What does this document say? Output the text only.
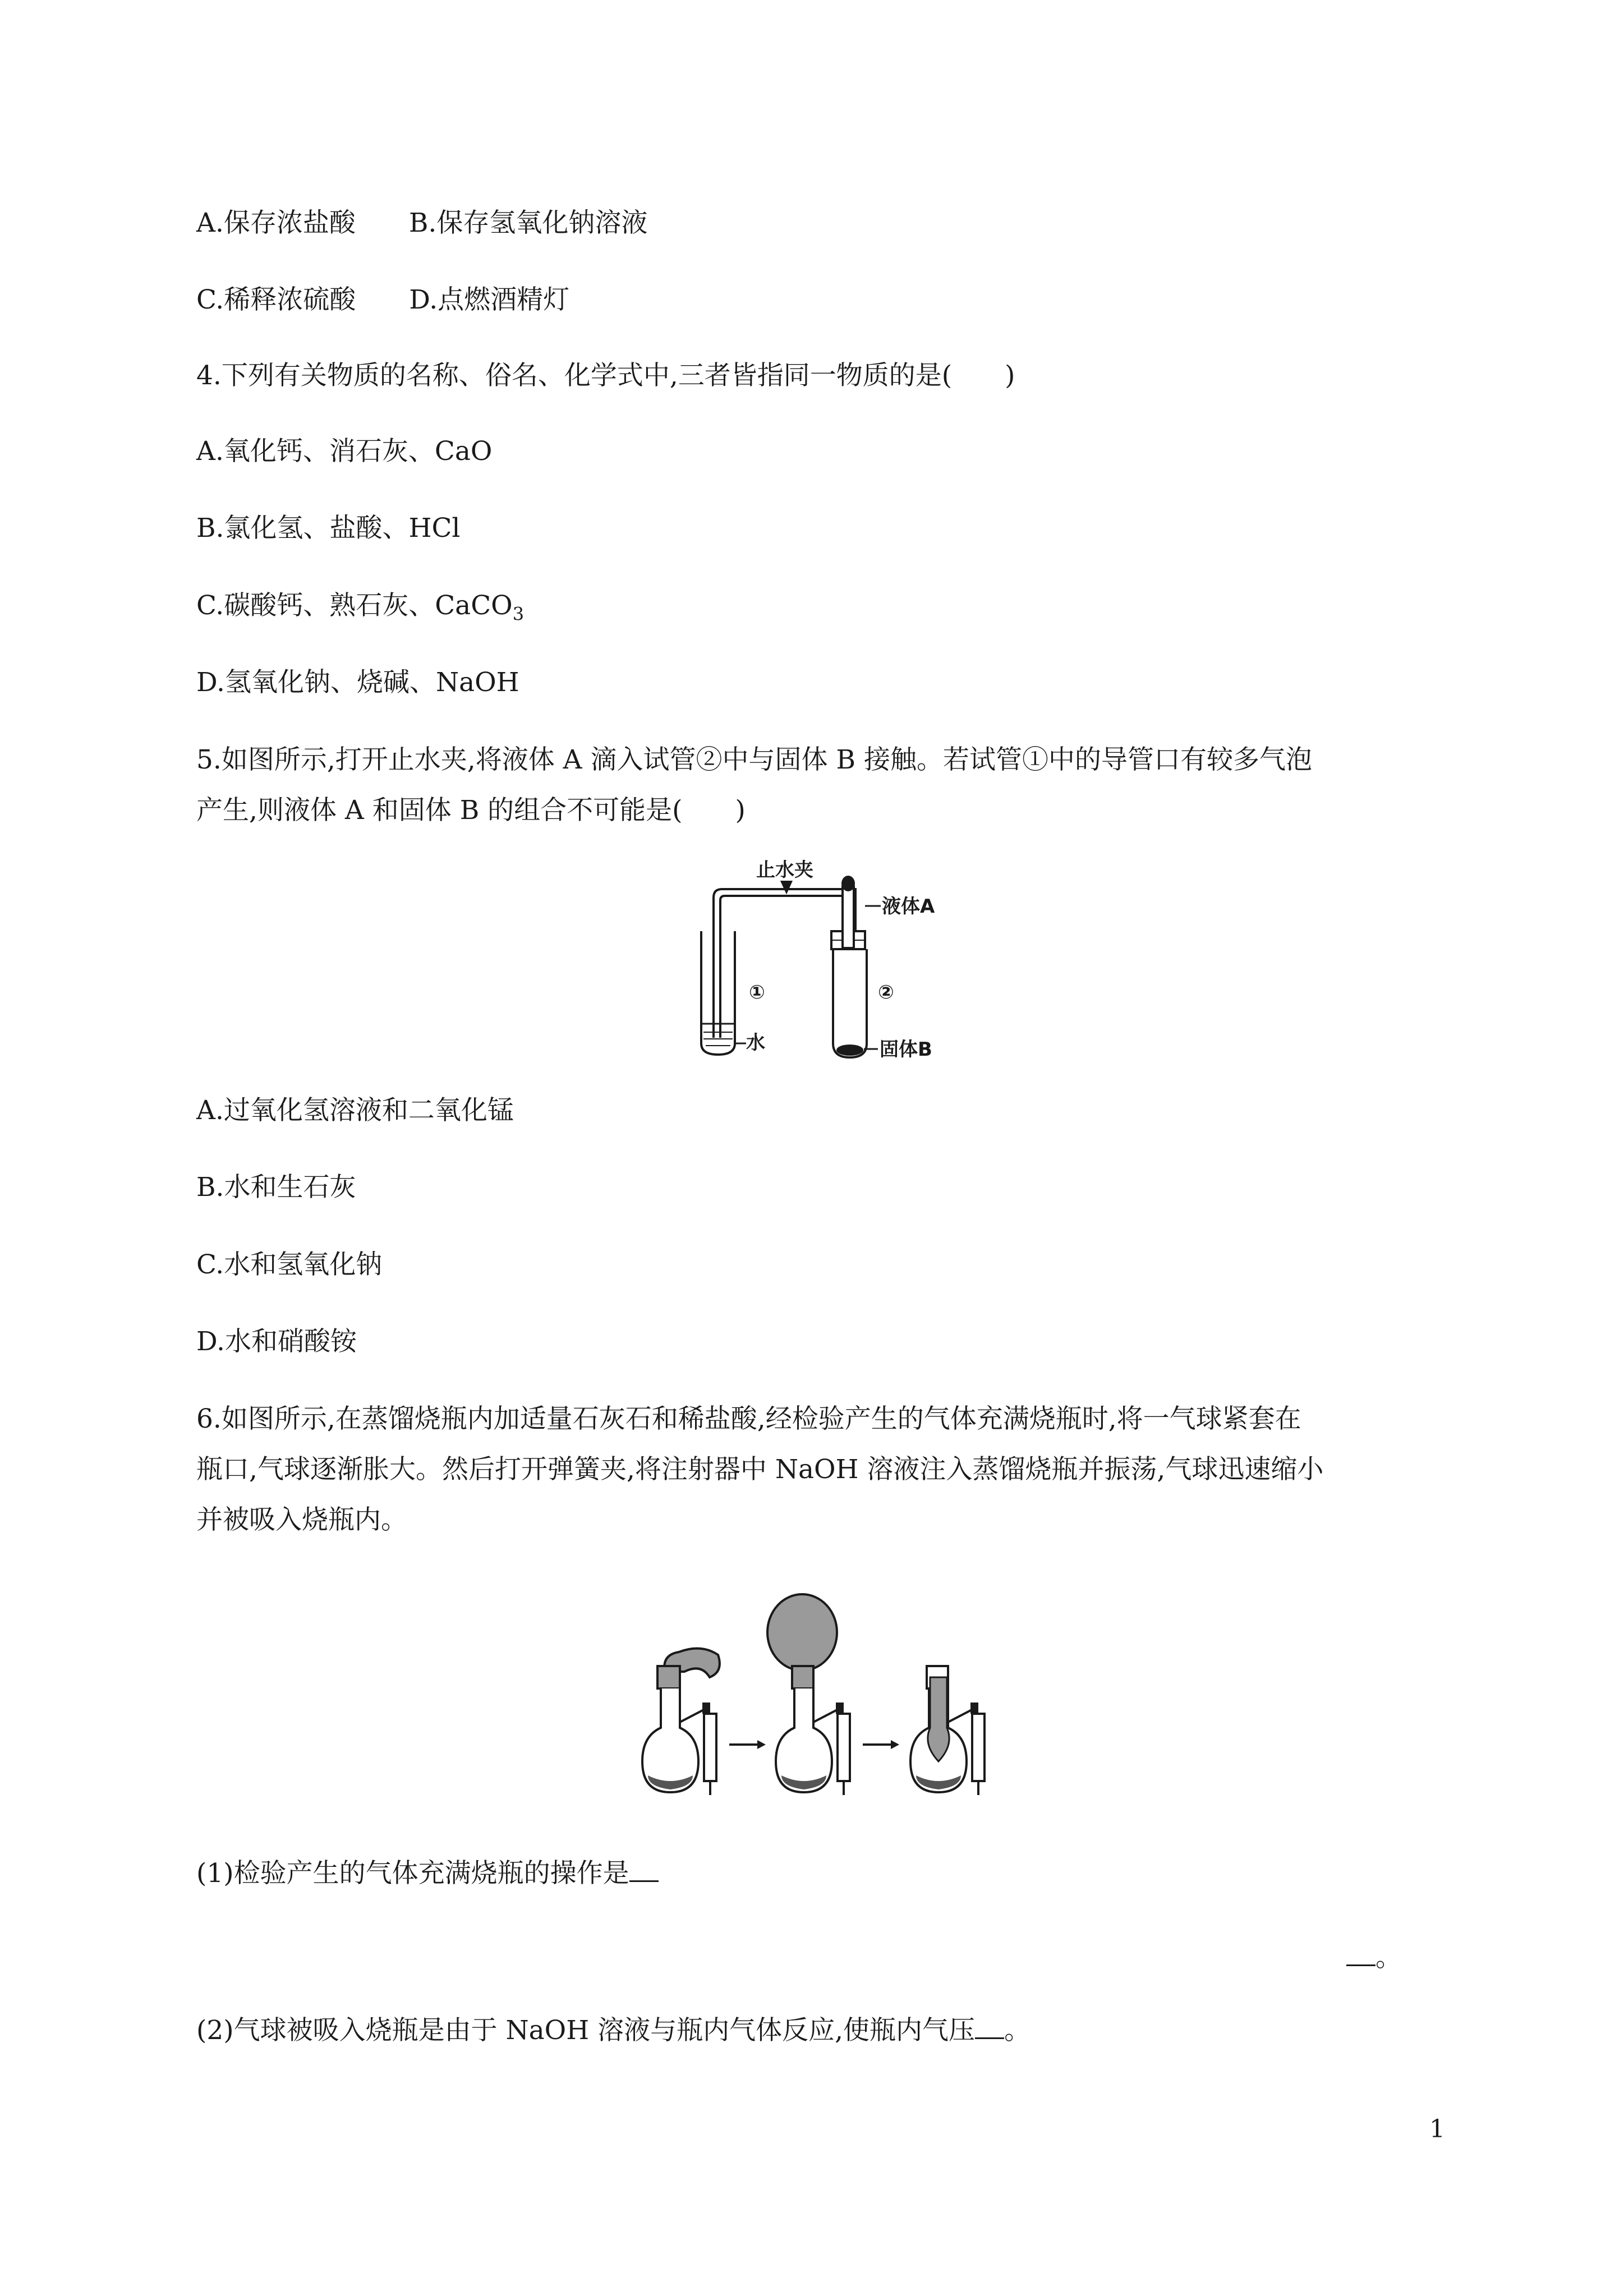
A.保存浓盐酸 B.保存氢氧化钠溶液
C.稀释浓硫酸 D.点燃酒精灯
4.下列有关物质的名称、俗名、化学式中,三者皆指同一物质的是(　　)
A.氧化钙、消石灰、CaO
B.氯化氢、盐酸、HCl
C.碳酸钙、熟石灰、CaCO$_3$
D.氢氧化钠、烧碱、NaOH
5.如图所示,打开止水夹,将液体 A 滴入试管②中与固体 B 接触。若试管①中的导管口有较多气泡
产生,则液体 A 和固体 B 的组合不可能是(　　)
止水夹
①
水
液体A
②
固体B
A.过氧化氢溶液和二氧化锰
B.水和生石灰
C.水和氢氧化钠
D.水和硝酸铵
6.如图所示,在蒸馏烧瓶内加适量石灰石和稀盐酸,经检验产生的气体充满烧瓶时,将一气球紧套在
瓶口,气球逐渐胀大。然后打开弹簧夹,将注射器中 NaOH 溶液注入蒸馏烧瓶并振荡,气球迅速缩小
并被吸入烧瓶内。
(1)检验产生的气体充满烧瓶的操作是
。
(2)气球被吸入烧瓶是由于 NaOH 溶液与瓶内气体反应,使瓶内气压 。
1
